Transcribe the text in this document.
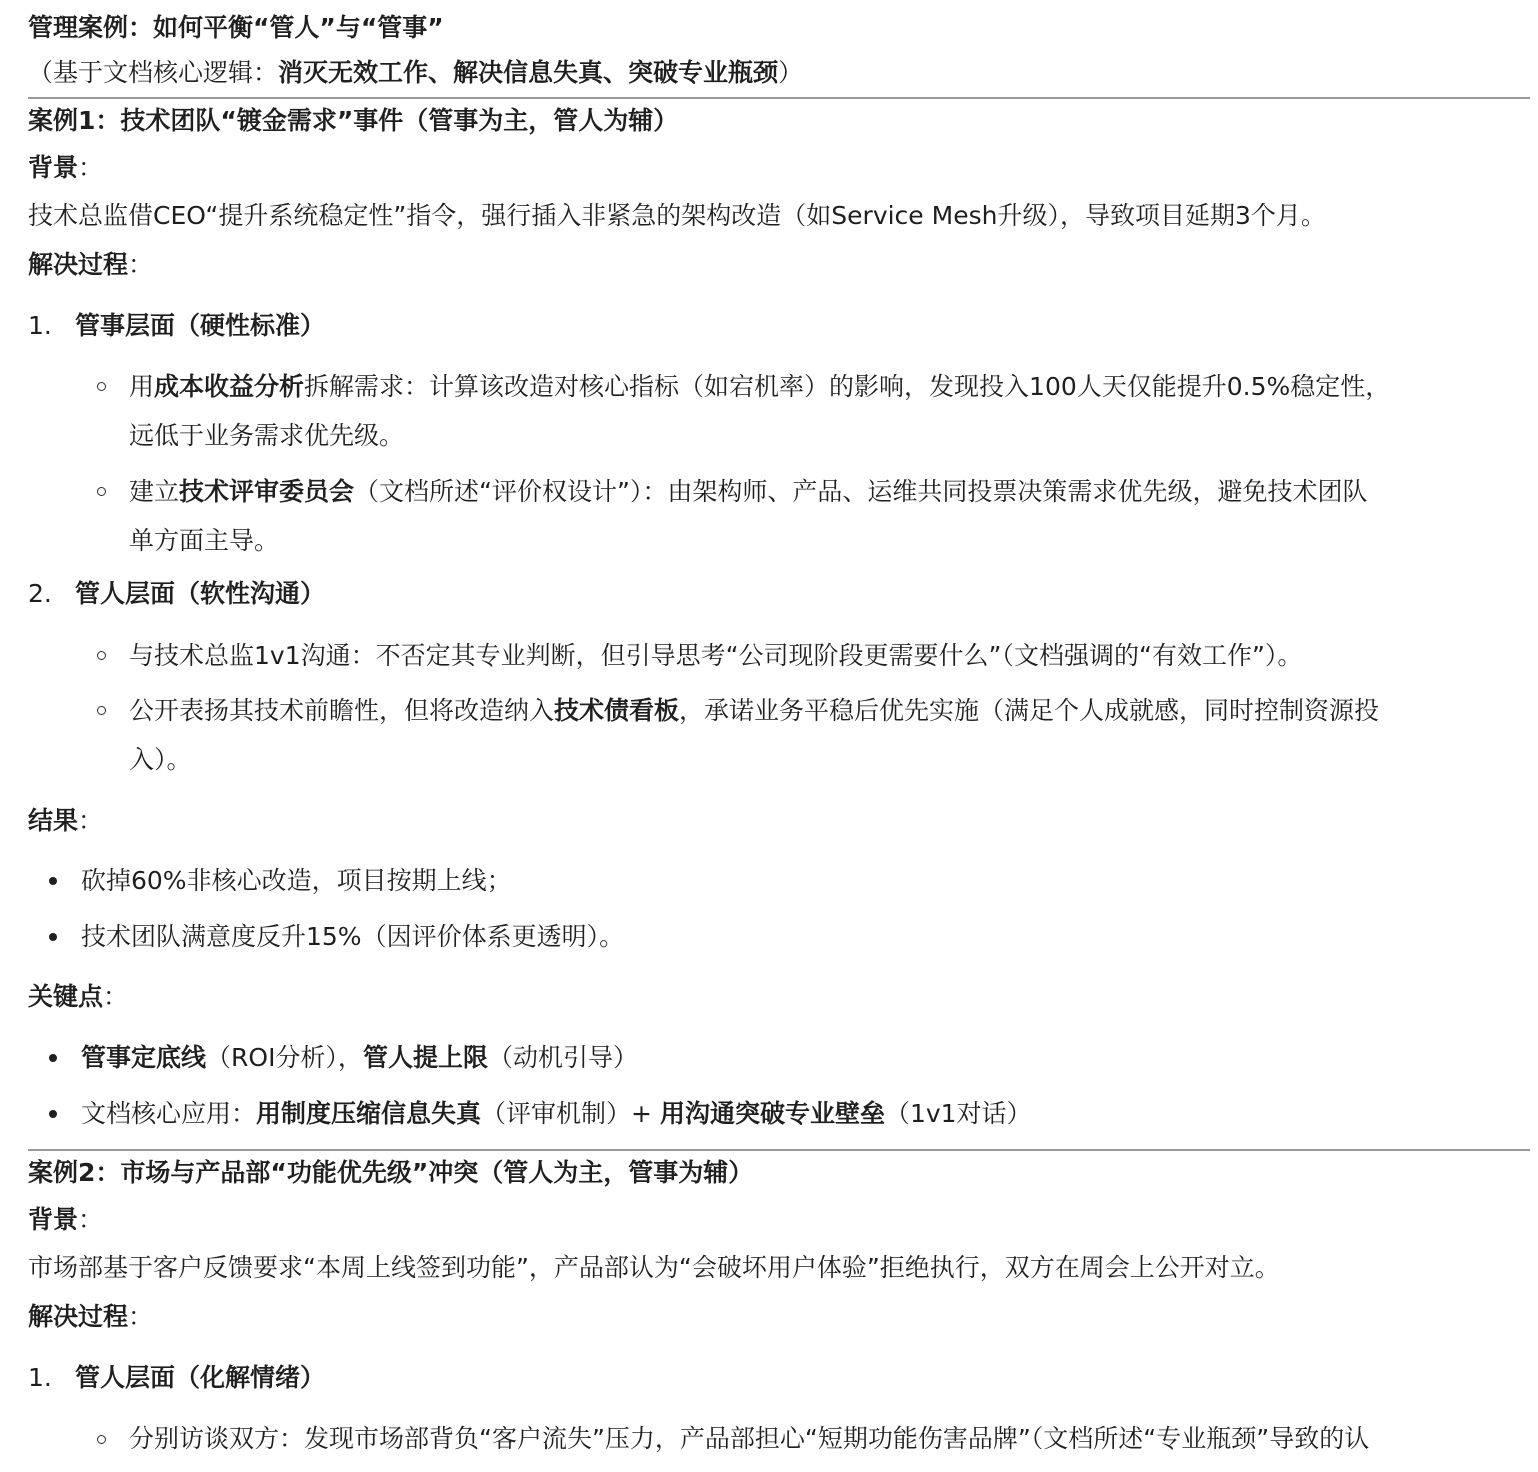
管理案例：如何平衡“管人”与“管事”
（基于文档核心逻辑：消灭无效工作、解决信息失真、突破专业瓶颈）
案例1：技术团队“镀金需求”事件（管事为主，管人为辅）
背景：
技术总监借CEO“提升系统稳定性”指令，强行插入非紧急的架构改造（如Service Mesh升级），导致项目延期3个月。
解决过程：
1. 管事层面（硬性标准）
用成本收益分析拆解需求：计算该改造对核心指标（如宕机率）的影响，发现投入100人天仅能提升0.5%稳定性，
远低于业务需求优先级。
建立技术评审委员会（文档所述“评价权设计”）：由架构师、产品、运维共同投票决策需求优先级，避免技术团队
单方面主导。
2. 管人层面（软性沟通）
与技术总监1v1沟通：不否定其专业判断，但引导思考“公司现阶段更需要什么”（文档强调的“有效工作”）。
公开表扬其技术前瞻性，但将改造纳入技术债看板，承诺业务平稳后优先实施（满足个人成就感，同时控制资源投
入）。
结果：
砍掉60%非核心改造，项目按期上线；
技术团队满意度反升15%（因评价体系更透明）。
关键点：
管事定底线（ROI分析），管人提上限（动机引导）
文档核心应用：用制度压缩信息失真（评审机制）+ 用沟通突破专业壁垒（1v1对话）
案例2：市场与产品部“功能优先级”冲突（管人为主，管事为辅）
背景：
市场部基于客户反馈要求“本周上线签到功能”，产品部认为“会破坏用户体验”拒绝执行，双方在周会上公开对立。
解决过程：
1. 管人层面（化解情绪）
分别访谈双方：发现市场部背负“客户流失”压力，产品部担心“短期功能伤害品牌”（文档所述“专业瓶颈”导致的认
